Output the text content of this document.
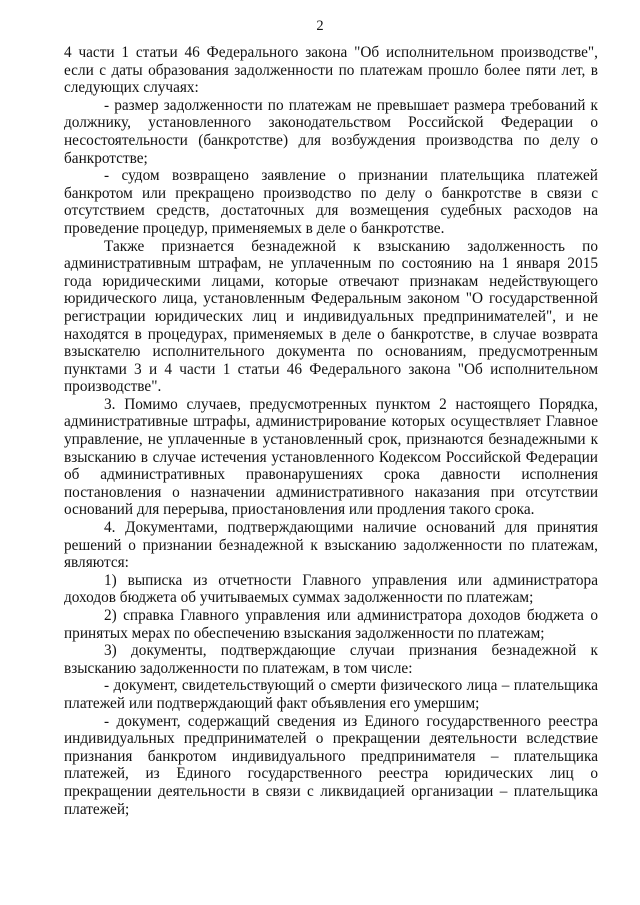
2

4 части 1 статьи 46 Федерального закона "Об исполнительном производстве", если с даты образования задолженности по платежам прошло более пяти лет, в следующих случаях:

- размер задолженности по платежам не превышает размера требований к должнику, установленного законодательством Российской Федерации о несостоятельности (банкротстве) для возбуждения производства по делу о банкротстве;

- судом возвращено заявление о признании плательщика платежей банкротом или прекращено производство по делу о банкротстве в связи с отсутствием средств, достаточных для возмещения судебных расходов на проведение процедур, применяемых в деле о банкротстве.

Также признается безнадежной к взысканию задолженность по административным штрафам, не уплаченным по состоянию на 1 января 2015 года юридическими лицами, которые отвечают признакам недействующего юридического лица, установленным Федеральным законом "О государственной регистрации юридических лиц и индивидуальных предпринимателей", и не находятся в процедурах, применяемых в деле о банкротстве, в случае возврата взыскателю исполнительного документа по основаниям, предусмотренным пунктами 3 и 4 части 1 статьи 46 Федерального закона "Об исполнительном производстве".

3. Помимо случаев, предусмотренных пунктом 2 настоящего Порядка, административные штрафы, администрирование которых осуществляет Главное управление, не уплаченные в установленный срок, признаются безнадежными к взысканию в случае истечения установленного Кодексом Российской Федерации об административных правонарушениях срока давности исполнения постановления о назначении административного наказания при отсутствии оснований для перерыва, приостановления или продления такого срока.

4. Документами, подтверждающими наличие оснований для принятия решений о признании безнадежной к взысканию задолженности по платежам, являются:

1) выписка из отчетности Главного управления или администратора доходов бюджета об учитываемых суммах задолженности по платежам;

2) справка Главного управления или администратора доходов бюджета о принятых мерах по обеспечению взыскания задолженности по платежам;

3) документы, подтверждающие случаи признания безнадежной к взысканию задолженности по платежам, в том числе:

- документ, свидетельствующий о смерти физического лица – плательщика платежей или подтверждающий факт объявления его умершим;

- документ, содержащий сведения из Единого государственного реестра индивидуальных предпринимателей о прекращении деятельности вследствие признания банкротом индивидуального предпринимателя – плательщика платежей, из Единого государственного реестра юридических лиц о прекращении деятельности в связи с ликвидацией организации – плательщика платежей;
